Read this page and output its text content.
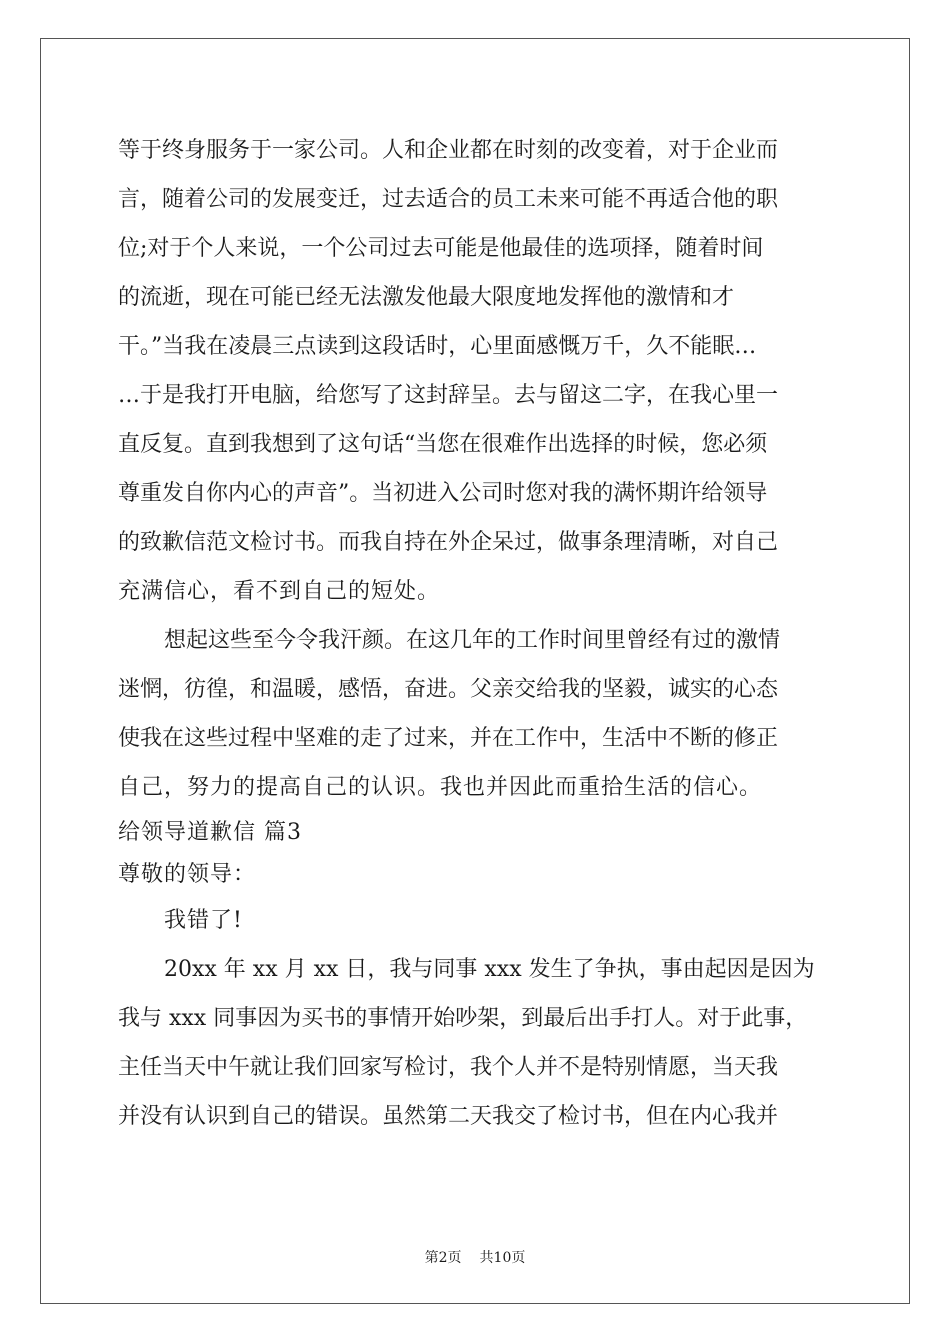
等于终身服务于一家公司。人和企业都在时刻的改变着，对于企业而
言，随着公司的发展变迁，过去适合的员工未来可能不再适合他的职
位;对于个人来说，一个公司过去可能是他最佳的选项择，随着时间
的流逝，现在可能已经无法激发他最大限度地发挥他的激情和才
干。”当我在凌晨三点读到这段话时，心里面感慨万千，久不能眠…
…于是我打开电脑，给您写了这封辞呈。去与留这二字，在我心里一
直反复。直到我想到了这句话“当您在很难作出选择的时候，您必须
尊重发自你内心的声音”。当初进入公司时您对我的满怀期许给领导
的致歉信范文检讨书。而我自持在外企呆过，做事条理清晰，对自己
充满信心，看不到自己的短处。
想起这些至今令我汗颜。在这几年的工作时间里曾经有过的激情
迷惘，彷徨，和温暖，感悟，奋进。父亲交给我的坚毅，诚实的心态
使我在这些过程中坚难的走了过来，并在工作中，生活中不断的修正
自己，努力的提高自己的认识。我也并因此而重拾生活的信心。
给领导道歉信 篇3
尊敬的领导：
我错了!
20xx 年 xx 月 xx 日，我与同事 xxx 发生了争执，事由起因是因为
我与 xxx 同事因为买书的事情开始吵架，到最后出手打人。对于此事，
主任当天中午就让我们回家写检讨，我个人并不是特别情愿，当天我
并没有认识到自己的错误。虽然第二天我交了检讨书，但在内心我并
第2页 共10页
